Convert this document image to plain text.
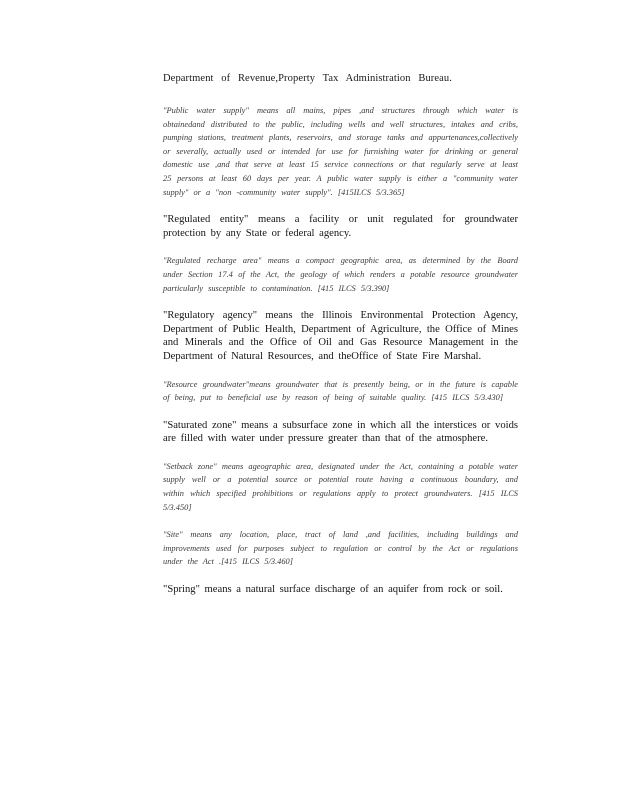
Department of Revenue,Property Tax Administration Bureau.

"Public water supply" means all mains, pipes ,and structures through which water is obtainedand distributed to the public, including wells and well structures, intakes and cribs, pumping stations, treatment plants, reservoirs, and storage tanks and appurtenances,collectively or severally, actually used or intended for use for furnishing water for drinking or general domestic use ,and that serve at least 15 service connections or that regularly serve at least 25 persons at least 60 days per year. A public water supply is either a "community water supply" or a "non -community water supply". [415ILCS 5/3.365]

"Regulated entity" means a facility or unit regulated for groundwater protection by any State or federal agency.

"Regulated recharge area" means a compact geographic area, as determined by the Board under Section 17.4 of the Act, the geology of which renders a potable resource groundwater particularly susceptible to contamination. [415 ILCS 5/3.390]

"Regulatory agency" means the Illinois Environmental Protection Agency, Department of Public Health, Department of Agriculture, the Office of Mines and Minerals and the Office of Oil and Gas Resource Management in the Department of Natural Resources, and theOffice of State Fire Marshal.

"Resource groundwater"means groundwater that is presently being, or in the future is capable of being, put to beneficial use by reason of being of suitable quality. [415 ILCS 5/3.430]

"Saturated zone" means a subsurface zone in which all the interstices or voids are filled with water under pressure greater than that of the atmosphere.

"Setback zone" means ageographic area, designated under the Act, containing a potable water supply well or a potential source or potential route having a continuous boundary, and within which specified prohibitions or regulations apply to protect groundwaters. [415 ILCS 5/3.450]

"Site" means any location, place, tract of land ,and facilities, including buildings and improvements used for purposes subject to regulation or control by the Act or regulations under the Act .[415 ILCS 5/3.460]

"Spring" means a natural surface discharge of an aquifer from rock or soil.
